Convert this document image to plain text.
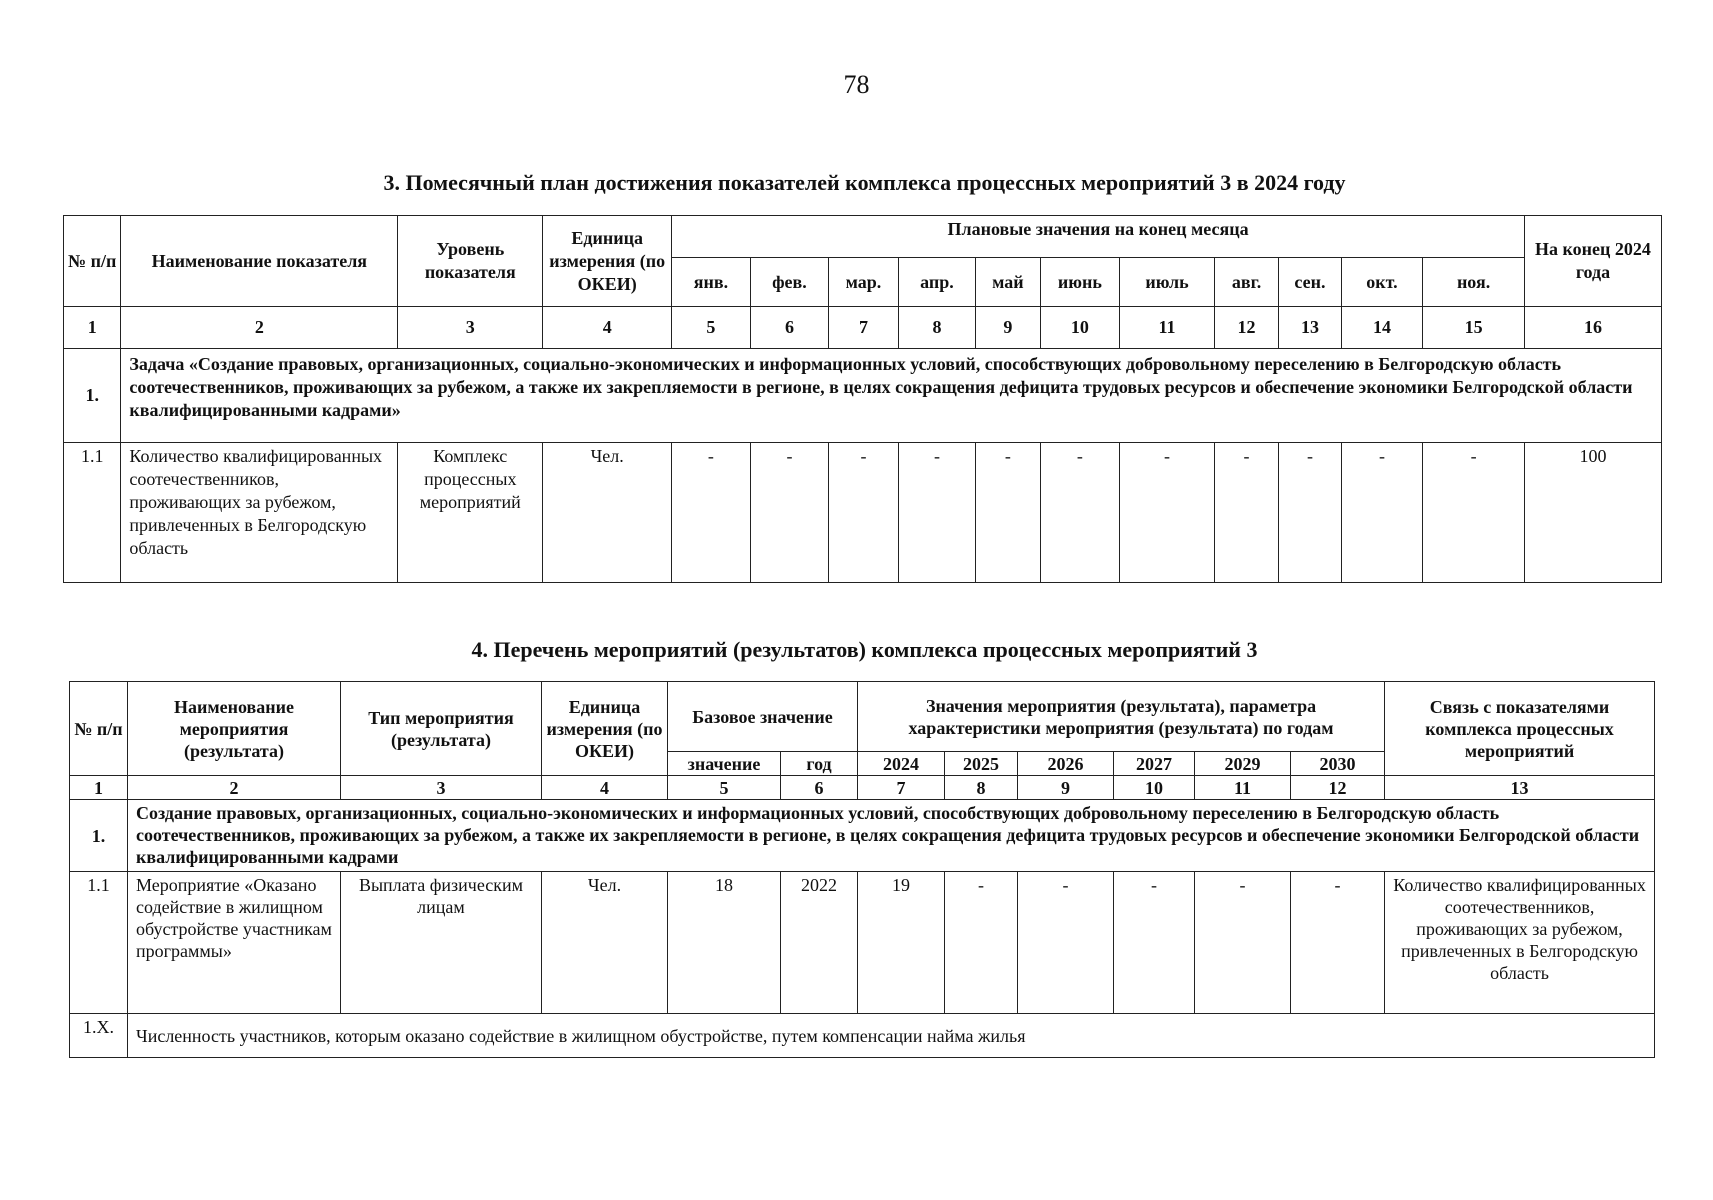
78
3. Помесячный план достижения показателей комплекса процессных мероприятий 3 в 2024 году
№ п/п	Наименование показателя	Уровень показателя	Единица измерения (по ОКЕИ)	Плановые значения на конец месяца											На конец 2024 года
				янв.	фев.	мар.	апр.	май	июнь	июль	авг.	сен.	окт.	ноя.	
1	2	3	4	5	6	7	8	9	10	11	12	13	14	15	16
1.	Задача «Создание правовых, организационных, социально-экономических и информационных условий, способствующих добровольному переселению в Белгородскую область соотечественников, проживающих за рубежом, а также их закрепляемости в регионе, в целях сокращения дефицита трудовых ресурсов и обеспечение экономики Белгородской области квалифицированными кадрами»														
1.1	Количество квалифицированных соотечественников, проживающих за рубежом, привлеченных в Белгородскую область	Комплекс процессных мероприятий	Чел.	-	-	-	-	-	-	-	-	-	-	-	100
4. Перечень мероприятий (результатов) комплекса процессных мероприятий 3
№ п/п	Наименование мероприятия (результата)	Тип мероприятия (результата)	Единица измерения (по ОКЕИ)	Базовое значение		Значения мероприятия (результата), параметра характеристики мероприятия (результата) по годам						Связь с показателями комплекса процессных мероприятий
				значение	год	2024	2025	2026	2027	2029	2030	
1	2	3	4	5	6	7	8	9	10	11	12	13
1.	Создание правовых, организационных, социально-экономических и информационных условий, способствующих добровольному переселению в Белгородскую область соотечественников, проживающих за рубежом, а также их закрепляемости в регионе, в целях сокращения дефицита трудовых ресурсов и обеспечение экономики Белгородской области квалифицированными кадрами											
1.1	Мероприятие «Оказано содействие в жилищном обустройстве участникам программы»	Выплата физическим лицам	Чел.	18	2022	19	-	-	-	-	-	Количество квалифицированных соотечественников, проживающих за рубежом, привлеченных в Белгородскую область
1.Х.	Численность участников, которым оказано содействие в жилищном обустройстве, путем компенсации найма жилья											
